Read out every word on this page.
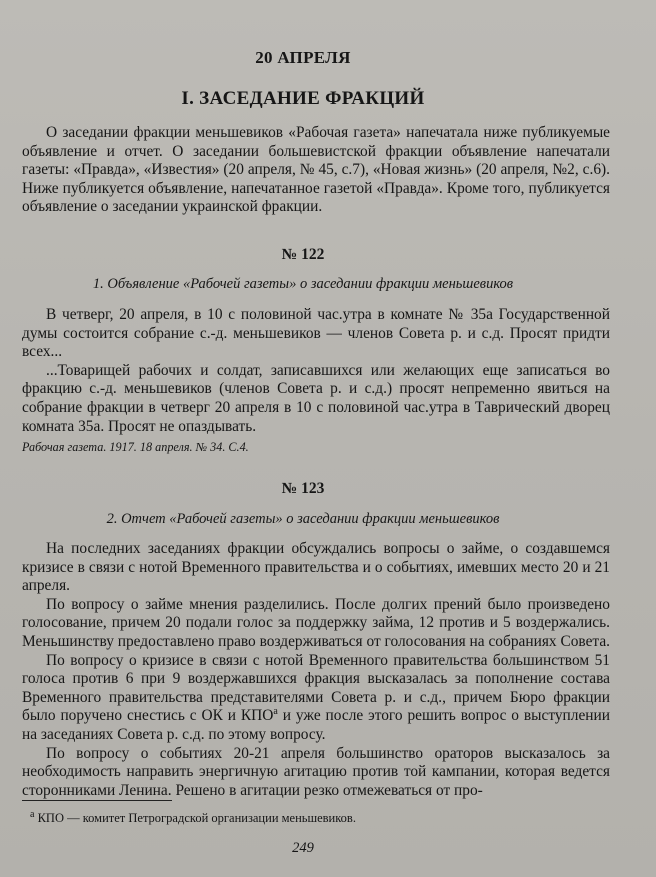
20 АПРЕЛЯ
I. ЗАСЕДАНИЕ ФРАКЦИЙ

О заседании фракции меньшевиков «Рабочая газета» напечатала ниже публикуемые объявление и отчет. О заседании большевистской фракции объявление напечатали газеты: «Правда», «Известия» (20 апреля, № 45, с.7), «Новая жизнь» (20 апреля, №2, с.6). Ниже публикуется объявление, напечатанное газетой «Правда». Кроме того, публикуется объявление о заседании украинской фракции.

№ 122

1. Объявление «Рабочей газеты» о заседании фракции меньшевиков

В четверг, 20 апреля, в 10 с половиной час.утра в комнате № 35а Государственной думы состоится собрание с.-д. меньшевиков — членов Совета р. и с.д. Просят придти всех...

...Товарищей рабочих и солдат, записавшихся или желающих еще записаться во фракцию с.-д. меньшевиков (членов Совета р. и с.д.) просят непременно явиться на собрание фракции в четверг 20 апреля в 10 с половиной час.утра в Таврический дворец комната 35а. Просят не опаздывать.

Рабочая газета. 1917. 18 апреля. № 34. С.4.

№ 123

2. Отчет «Рабочей газеты» о заседании фракции меньшевиков

На последних заседаниях фракции обсуждались вопросы о займе, о создавшемся кризисе в связи с нотой Временного правительства и о событиях, имевших место 20 и 21 апреля.

По вопросу о займе мнения разделились. После долгих прений было произведено голосование, причем 20 подали голос за поддержку займа, 12 против и 5 воздержались. Меньшинству предоставлено право воздерживаться от голосования на собраниях Совета.

По вопросу о кризисе в связи с нотой Временного правительства большинством 51 голоса против 6 при 9 воздержавшихся фракция высказалась за пополнение состава Временного правительства представителями Совета р. и с.д., причем Бюро фракции было поручено снестись с ОК и $КПО^а$ и уже после этого решить вопрос о выступлении на заседаниях Совета р. с.д. по этому вопросу.

По вопросу о событиях 20-21 апреля большинство ораторов высказалось за необходимость направить энергичную агитацию против той кампании, которая ведется сторонниками Ленина. Решено в агитации резко отмежеваться от про-

$^а$ КПО — комитет Петроградской организации меньшевиков.

249
